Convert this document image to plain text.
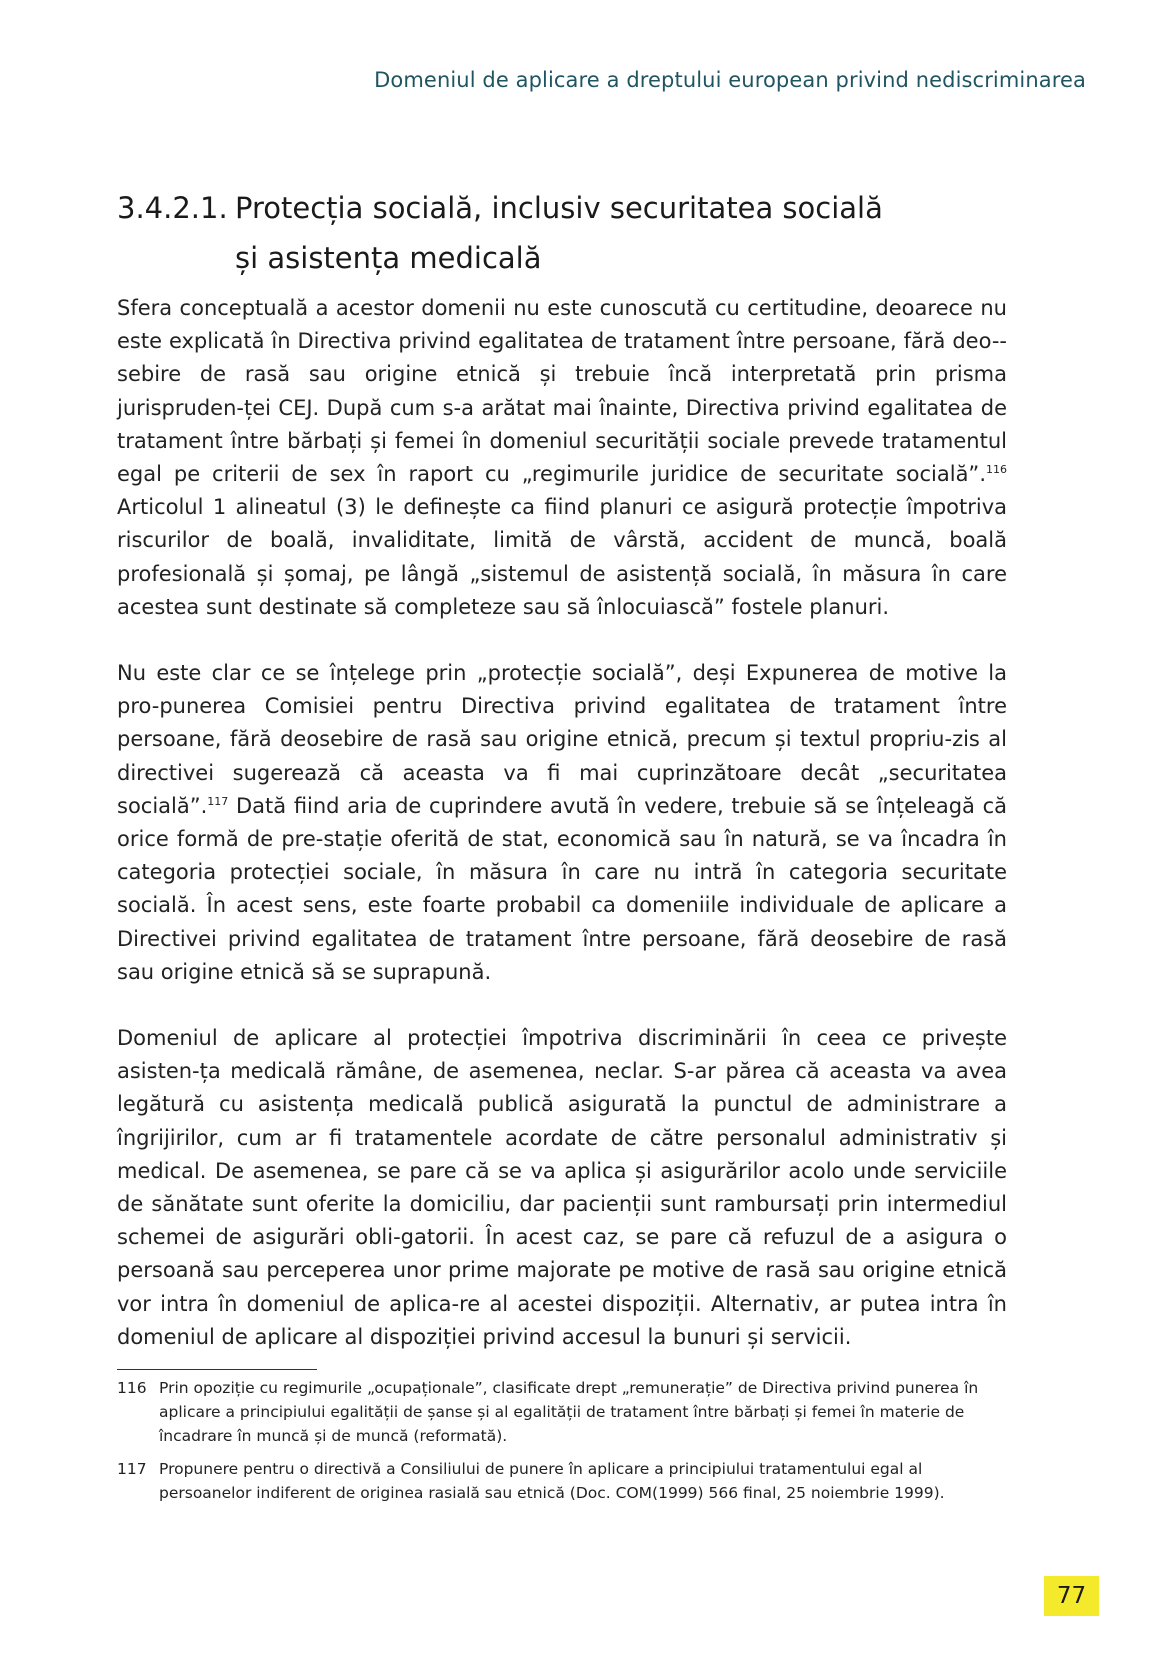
Domeniul de aplicare a dreptului european privind nediscriminarea
3.4.2.1. Protecția socială, inclusiv securitatea socială
și asistența medicală

Sfera conceptuală a acestor domenii nu este cunoscută cu certitudine, deoarece nu este explicată în Directiva privind egalitatea de tratament între persoane, fără deo-sebire de rasă sau origine etnică și trebuie încă interpretată prin prisma jurispruden-ței CEJ. După cum s-a arătat mai înainte, Directiva privind egalitatea de tratament între bărbați și femei în domeniul securității sociale prevede tratamentul egal pe criterii de sex în raport cu „regimurile juridice de securitate socială”.$^{116}$ Articolul 1 alineatul (3) le definește ca fiind planuri ce asigură protecție împotriva riscurilor de boală, invaliditate, limită de vârstă, accident de muncă, boală profesională și șomaj, pe lângă „sistemul de asistență socială, în măsura în care acestea sunt destinate să completeze sau să înlocuiască” fostele planuri.

Nu este clar ce se înțelege prin „protecție socială”, deși Expunerea de motive la pro-punerea Comisiei pentru Directiva privind egalitatea de tratament între persoane, fără deosebire de rasă sau origine etnică, precum și textul propriu-zis al directivei sugerează că aceasta va fi mai cuprinzătoare decât „securitatea socială”.$^{117}$ Dată fiind aria de cuprindere avută în vedere, trebuie să se înțeleagă că orice formă de pre-stație oferită de stat, economică sau în natură, se va încadra în categoria protecției sociale, în măsura în care nu intră în categoria securitate socială. În acest sens, este foarte probabil ca domeniile individuale de aplicare a Directivei privind egalitatea de tratament între persoane, fără deosebire de rasă sau origine etnică să se suprapună.

Domeniul de aplicare al protecției împotriva discriminării în ceea ce privește asisten-ța medicală rămâne, de asemenea, neclar. S-ar părea că aceasta va avea legătură cu asistența medicală publică asigurată la punctul de administrare a îngrijirilor, cum ar fi tratamentele acordate de către personalul administrativ și medical. De asemenea, se pare că se va aplica și asigurărilor acolo unde serviciile de sănătate sunt oferite la domiciliu, dar pacienții sunt rambursați prin intermediul schemei de asigurări obli-gatorii. În acest caz, se pare că refuzul de a asigura o persoană sau perceperea unor prime majorate pe motive de rasă sau origine etnică vor intra în domeniul de aplica-re al acestei dispoziții. Alternativ, ar putea intra în domeniul de aplicare al dispoziției privind accesul la bunuri și servicii.

116 Prin opoziție cu regimurile „ocupaționale”, clasificate drept „remunerație” de Directiva privind punerea în aplicare a principiului egalității de șanse și al egalității de tratament între bărbați și femei în materie de încadrare în muncă și de muncă (reformată).
117 Propunere pentru o directivă a Consiliului de punere în aplicare a principiului tratamentului egal al persoanelor indiferent de originea rasială sau etnică (Doc. COM(1999) 566 final, 25 noiembrie 1999).
77
